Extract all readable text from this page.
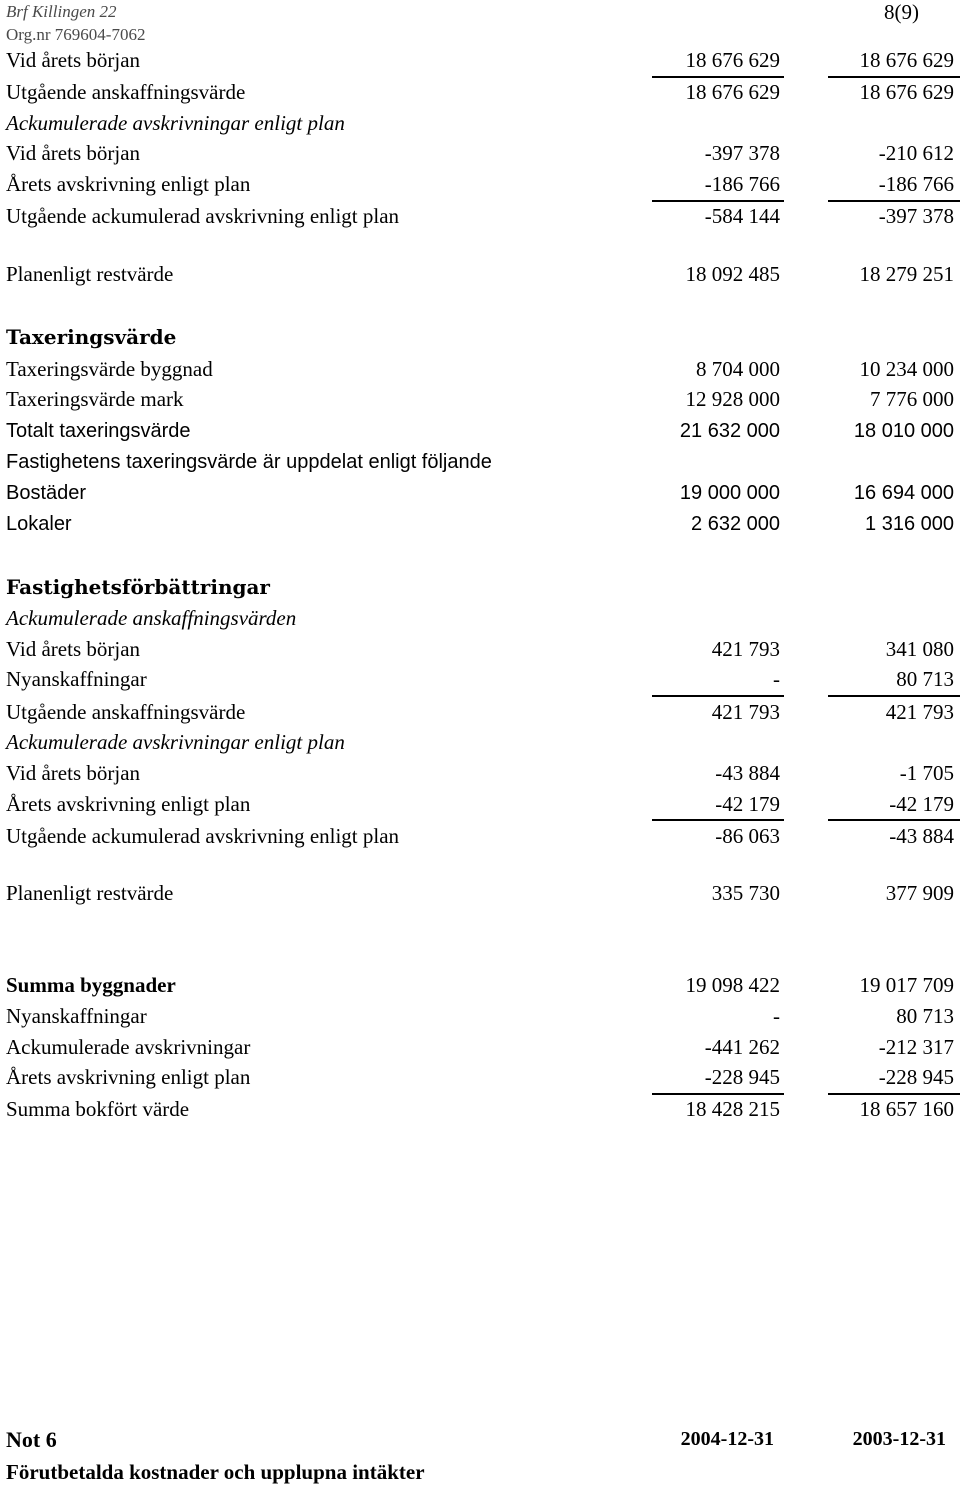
Brf Killingen 22
Org.nr 769604-7062
8(9)
Vid årets början	18 676 629	18 676 629
Utgående anskaffningsvärde	18 676 629	18 676 629
Ackumulerade avskrivningar enligt plan
Vid årets början	-397 378	-210 612
Årets avskrivning enligt plan	-186 766	-186 766
Utgående ackumulerad avskrivning enligt plan	-584 144	-397 378
Planenligt restvärde	18 092 485	18 279 251
Taxeringsvärde
Taxeringsvärde byggnad	8 704 000	10 234 000
Taxeringsvärde mark	12 928 000	7 776 000
Totalt taxeringsvärde	21 632 000	18 010 000
Fastighetens taxeringsvärde är uppdelat enligt följande
Bostäder	19 000 000	16 694 000
Lokaler	2 632 000	1 316 000
Fastighetsförbättringar
Ackumulerade anskaffningsvärden
Vid årets början	421 793	341 080
Nyanskaffningar	-	80 713
Utgående anskaffningsvärde	421 793	421 793
Ackumulerade avskrivningar enligt plan
Vid årets början	-43 884	-1 705
Årets avskrivning enligt plan	-42 179	-42 179
Utgående ackumulerad avskrivning enligt plan	-86 063	-43 884
Planenligt restvärde	335 730	377 909
Summa byggnader	19 098 422	19 017 709
Nyanskaffningar	-	80 713
Ackumulerade avskrivningar	-441 262	-212 317
Årets avskrivning enligt plan	-228 945	-228 945
Summa bokfört värde	18 428 215	18 657 160
Not 6	2004-12-31	2003-12-31
Förutbetalda kostnader och upplupna intäkter
